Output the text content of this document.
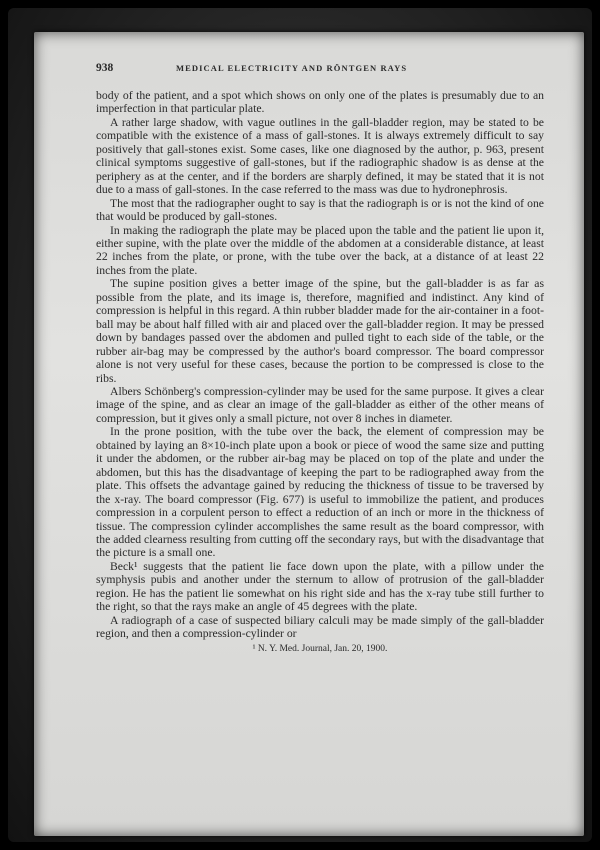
938	MEDICAL ELECTRICITY AND RÖNTGEN RAYS

body of the patient, and a spot which shows on only one of the plates is presumably due to an imperfection in that particular plate.

A rather large shadow, with vague outlines in the gall-bladder region, may be stated to be compatible with the existence of a mass of gall-stones. It is always extremely difficult to say positively that gall-stones exist. Some cases, like one diagnosed by the author, p. 963, present clinical symptoms suggestive of gall-stones, but if the radiographic shadow is as dense at the periphery as at the center, and if the borders are sharply defined, it may be stated that it is not due to a mass of gall-stones. In the case referred to the mass was due to hydronephrosis.

The most that the radiographer ought to say is that the radiograph is or is not the kind of one that would be produced by gall-stones.

In making the radiograph the plate may be placed upon the table and the patient lie upon it, either supine, with the plate over the middle of the abdomen at a considerable distance, at least 22 inches from the plate, or prone, with the tube over the back, at a distance of at least 22 inches from the plate.

The supine position gives a better image of the spine, but the gall-bladder is as far as possible from the plate, and its image is, therefore, magnified and indistinct. Any kind of compression is helpful in this regard. A thin rubber bladder made for the air-container in a foot-ball may be about half filled with air and placed over the gall-bladder region. It may be pressed down by bandages passed over the abdomen and pulled tight to each side of the table, or the rubber air-bag may be compressed by the author's board compressor. The board compressor alone is not very useful for these cases, because the portion to be compressed is close to the ribs.

Albers Schönberg's compression-cylinder may be used for the same purpose. It gives a clear image of the spine, and as clear an image of the gall-bladder as either of the other means of compression, but it gives only a small picture, not over 8 inches in diameter.

In the prone position, with the tube over the back, the element of compression may be obtained by laying an 8×10-inch plate upon a book or piece of wood the same size and putting it under the abdomen, or the rubber air-bag may be placed on top of the plate and under the abdomen, but this has the disadvantage of keeping the part to be radiographed away from the plate. This offsets the advantage gained by reducing the thickness of tissue to be traversed by the x-ray. The board compressor (Fig. 677) is useful to immobilize the patient, and produces compression in a corpulent person to effect a reduction of an inch or more in the thickness of tissue. The compression cylinder accomplishes the same result as the board compressor, with the added clearness resulting from cutting off the secondary rays, but with the disadvantage that the picture is a small one.

Beck¹ suggests that the patient lie face down upon the plate, with a pillow under the symphysis pubis and another under the sternum to allow of protrusion of the gall-bladder region. He has the patient lie somewhat on his right side and has the x-ray tube still further to the right, so that the rays make an angle of 45 degrees with the plate.

A radiograph of a case of suspected biliary calculi may be made simply of the gall-bladder region, and then a compression-cylinder or

¹ N. Y. Med. Journal, Jan. 20, 1900.
